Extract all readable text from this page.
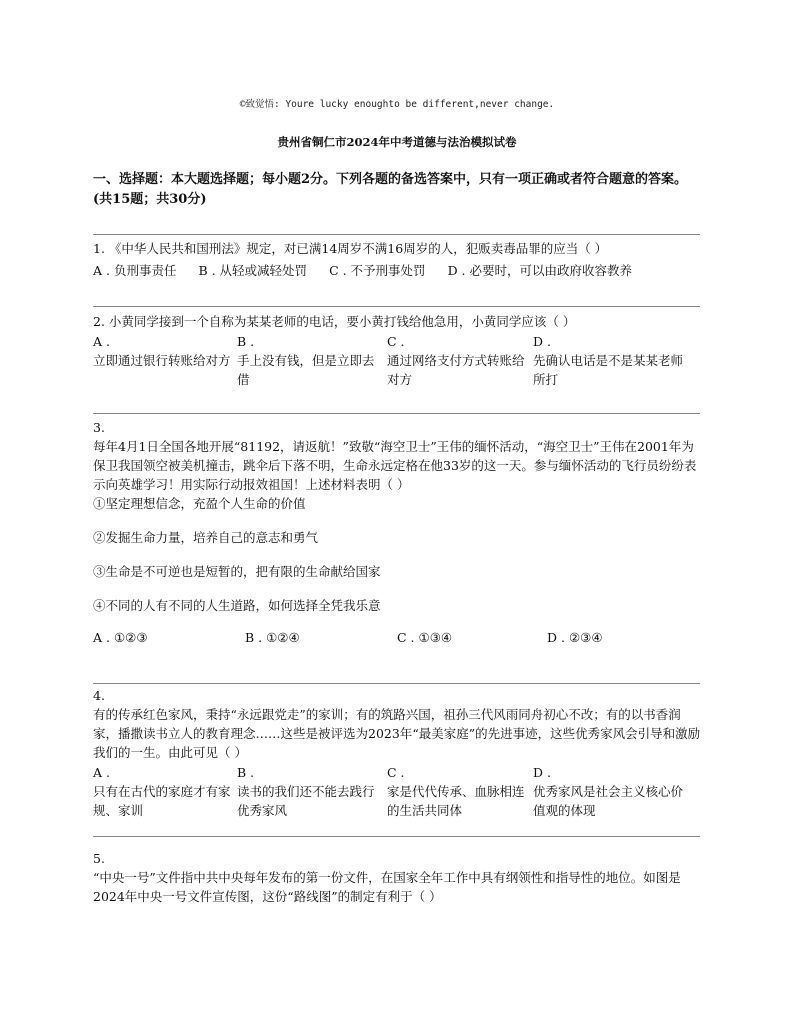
©致觉悟: Youre lucky enoughto be different,never change.
贵州省铜仁市2024年中考道德与法治模拟试卷
一、选择题：本大题选择题；每小题2分。下列各题的备选答案中，只有一项正确或者符合题意的答案。(共15题；共30分)

1. 《中华人民共和国刑法》规定，对已满14周岁不满16周岁的人，犯贩卖毒品罪的应当（ ）

A . 负刑事责任 B . 从轻或减轻处罚 C . 不予刑事处罚 D . 必要时，可以由政府收容教养

2. 小黄同学接到一个自称为某某老师的电话，要小黄打钱给他急用，小黄同学应该（ ）

A .
立即通过银行转账给对方
B .
手上没有钱，但是立即去借
C .
通过网络支付方式转账给对方
D .
先确认电话是不是某某老师所打

3.

每年4月1日全国各地开展“81192，请返航！”致敬“海空卫士”王伟的缅怀活动，“海空卫士”王伟在2001年为保卫我国领空被美机撞击，跳伞后下落不明，生命永远定格在他33岁的这一天。参与缅怀活动的飞行员纷纷表示向英雄学习！用实际行动报效祖国！上述材料表明（ ）

①坚定理想信念，充盈个人生命的价值

②发掘生命力量，培养自己的意志和勇气

③生命是不可逆也是短暂的，把有限的生命献给国家

④不同的人有不同的人生道路，如何选择全凭我乐意

A . ①②③	B . ①②④	C . ①③④	D . ②③④

4.

有的传承红色家风，秉持“永远跟党走”的家训；有的筑路兴国，祖孙三代风雨同舟初心不改；有的以书香润家，播撒读书立人的教育理念……这些是被评选为2023年“最美家庭”的先进事迹，这些优秀家风会引导和激励我们的一生。由此可见（ ）

A .
只有在古代的家庭才有家规、家训
B .
读书的我们还不能去践行优秀家风
C .
家是代代传承、血脉相连的生活共同体
D .
优秀家风是社会主义核心价值观的体现

5.

“中央一号”文件指中共中央每年发布的第一份文件，在国家全年工作中具有纲领性和指导性的地位。如图是2024年中央一号文件宣传图，这份“路线图”的制定有利于（ ）
